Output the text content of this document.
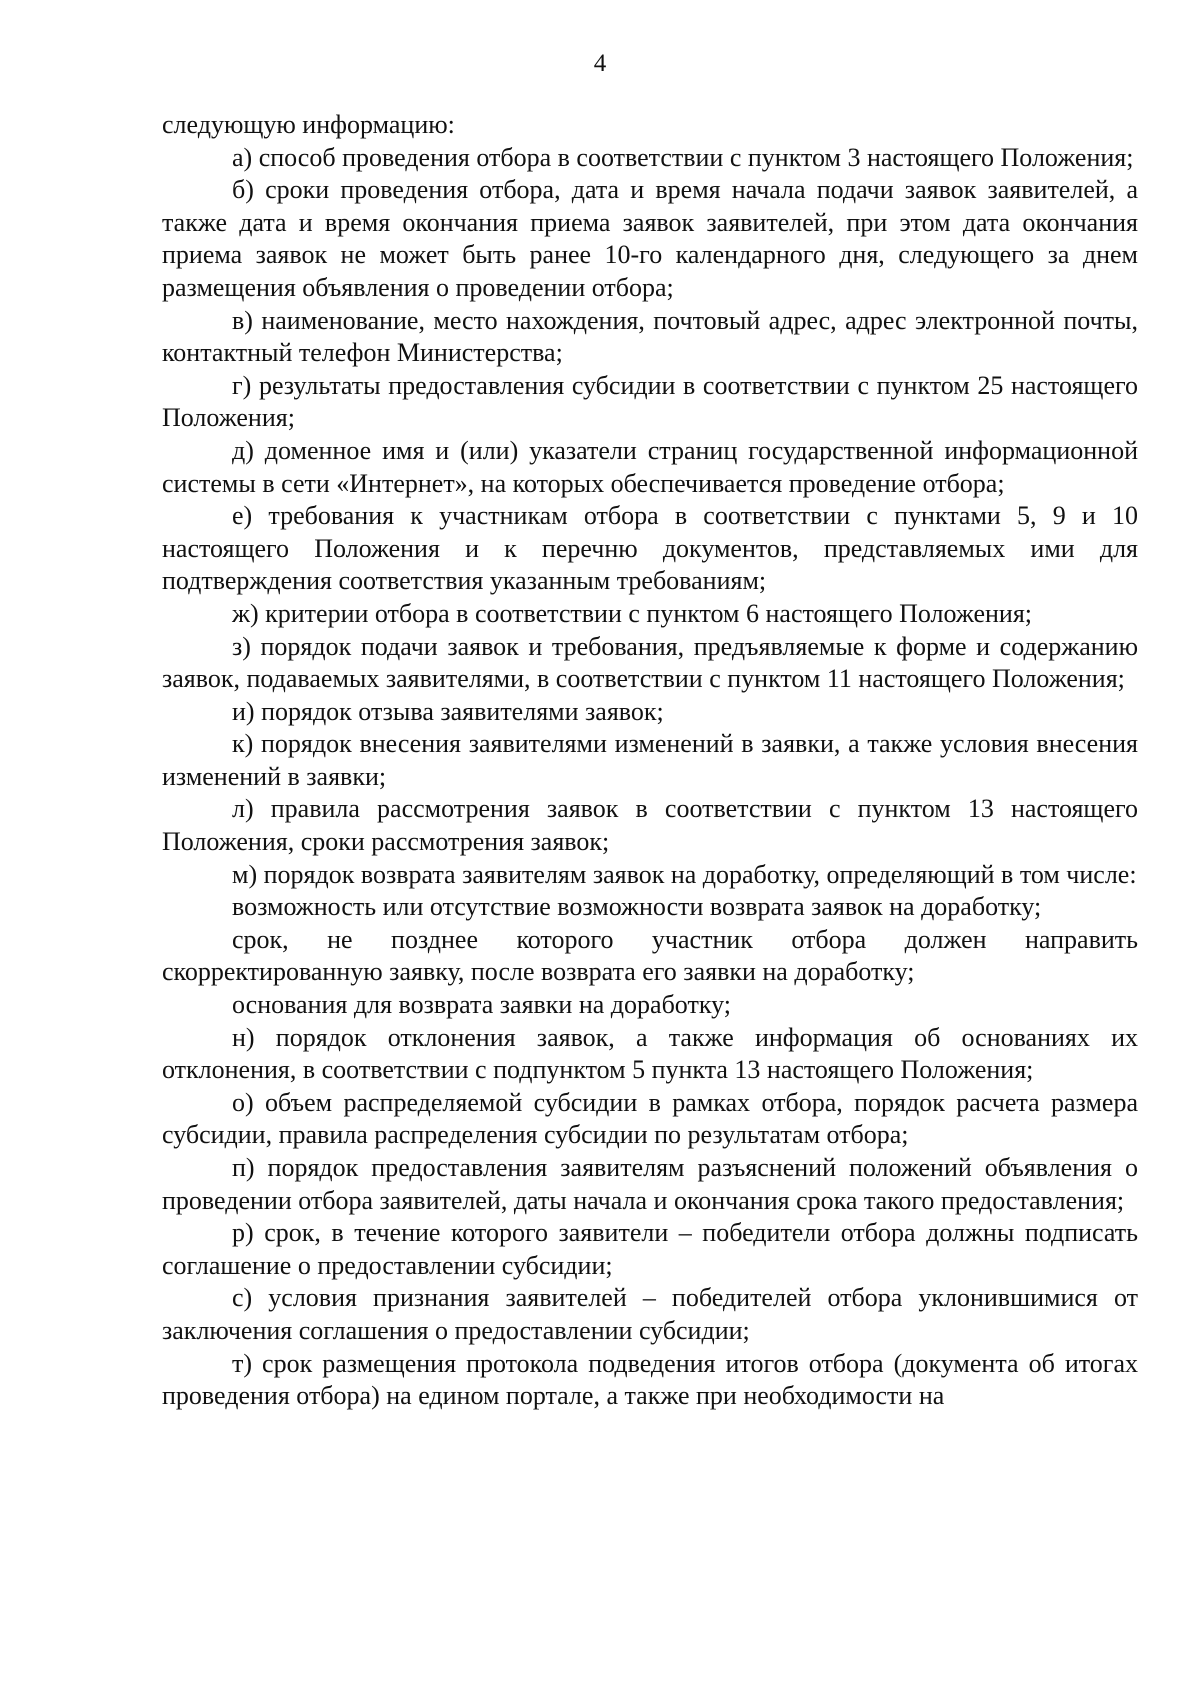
4

следующую информацию:

а) способ проведения отбора в соответствии с пунктом 3 настоящего Положения;

б) сроки проведения отбора, дата и время начала подачи заявок заявителей, а также дата и время окончания приема заявок заявителей, при этом дата окончания приема заявок не может быть ранее 10-го календарного дня, следующего за днем размещения объявления о проведении отбора;

в) наименование, место нахождения, почтовый адрес, адрес электронной почты, контактный телефон Министерства;

г) результаты предоставления субсидии в соответствии с пунктом 25 настоящего Положения;

д) доменное имя и (или) указатели страниц государственной информационной системы в сети «Интернет», на которых обеспечивается проведение отбора;

е) требования к участникам отбора в соответствии с пунктами 5, 9 и 10 настоящего Положения и к перечню документов, представляемых ими для подтверждения соответствия указанным требованиям;

ж) критерии отбора в соответствии с пунктом 6 настоящего Положения;

з) порядок подачи заявок и требования, предъявляемые к форме и содержанию заявок, подаваемых заявителями, в соответствии с пунктом 11 настоящего Положения;

и) порядок отзыва заявителями заявок;

к) порядок внесения заявителями изменений в заявки, а также условия внесения изменений в заявки;

л) правила рассмотрения заявок в соответствии с пунктом 13 настоящего Положения, сроки рассмотрения заявок;

м) порядок возврата заявителям заявок на доработку, определяющий в том числе:

возможность или отсутствие возможности возврата заявок на доработку;

срок, не позднее которого участник отбора должен направить скорректированную заявку, после возврата его заявки на доработку;

основания для возврата заявки на доработку;

н) порядок отклонения заявок, а также информация об основаниях их отклонения, в соответствии с подпунктом 5 пункта 13 настоящего Положения;

о) объем распределяемой субсидии в рамках отбора, порядок расчета размера субсидии, правила распределения субсидии по результатам отбора;

п) порядок предоставления заявителям разъяснений положений объявления о проведении отбора заявителей, даты начала и окончания срока такого предоставления;

р) срок, в течение которого заявители – победители отбора должны подписать соглашение о предоставлении субсидии;

с) условия признания заявителей – победителей отбора уклонившимися от заключения соглашения о предоставлении субсидии;

т) срок размещения протокола подведения итогов отбора (документа об итогах проведения отбора) на едином портале, а также при необходимости на
